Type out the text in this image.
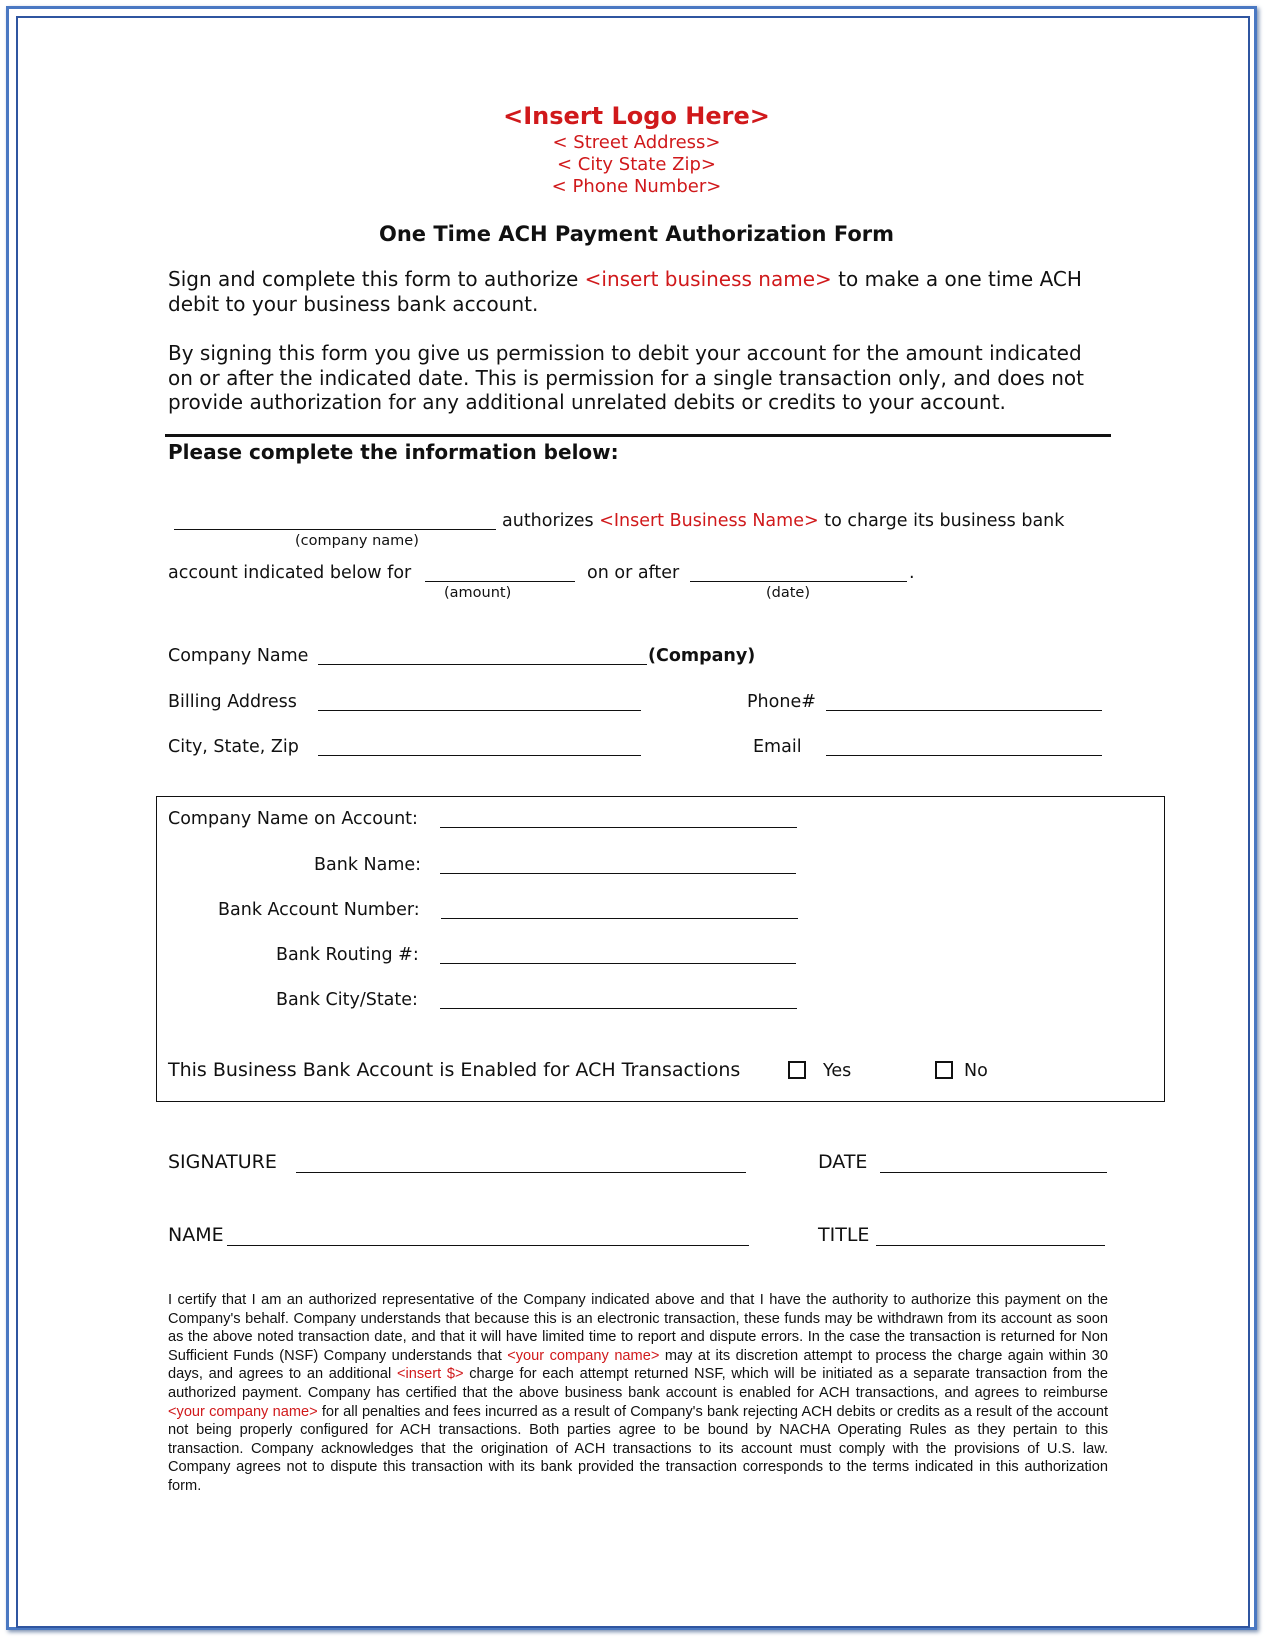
<Insert Logo Here>
< Street Address>
< City State Zip>
< Phone Number>
One Time ACH Payment Authorization Form
Sign and complete this form to authorize <insert business name> to make a one time ACH
debit to your business bank account.
By signing this form you give us permission to debit your account for the amount indicated
on or after the indicated date. This is permission for a single transaction only, and does not
provide authorization for any additional unrelated debits or credits to your account.
Please complete the information below:
authorizes <Insert Business Name> to charge its business bank
(company name)
account indicated below for	on or after	.
(amount)	(date)
Company Name	(Company)
Billing Address	Phone#
City, State, Zip	Email
Company Name on Account:
Bank Name:
Bank Account Number:
Bank Routing #:
Bank City/State:
This Business Bank Account is Enabled for ACH Transactions	Yes	No
SIGNATURE	DATE
NAME	TITLE

I certify that I am an authorized representative of the Company indicated above and that I have the authority to authorize this payment on the Company's behalf. Company understands that because this is an electronic transaction, these funds may be withdrawn from its account as soon as the above noted transaction date, and that it will have limited time to report and dispute errors. In the case the transaction is returned for Non Sufficient Funds (NSF) Company understands that <your company name> may at its discretion attempt to process the charge again within 30 days, and agrees to an additional <insert $> charge for each attempt returned NSF, which will be initiated as a separate transaction from the authorized payment. Company has certified that the above business bank account is enabled for ACH transactions, and agrees to reimburse <your company name> for all penalties and fees incurred as a result of Company's bank rejecting ACH debits or credits as a result of the account not being properly configured for ACH transactions. Both parties agree to be bound by NACHA Operating Rules as they pertain to this transaction. Company acknowledges that the origination of ACH transactions to its account must comply with the provisions of U.S. law. Company agrees not to dispute this transaction with its bank provided the transaction corresponds to the terms indicated in this authorization form.
